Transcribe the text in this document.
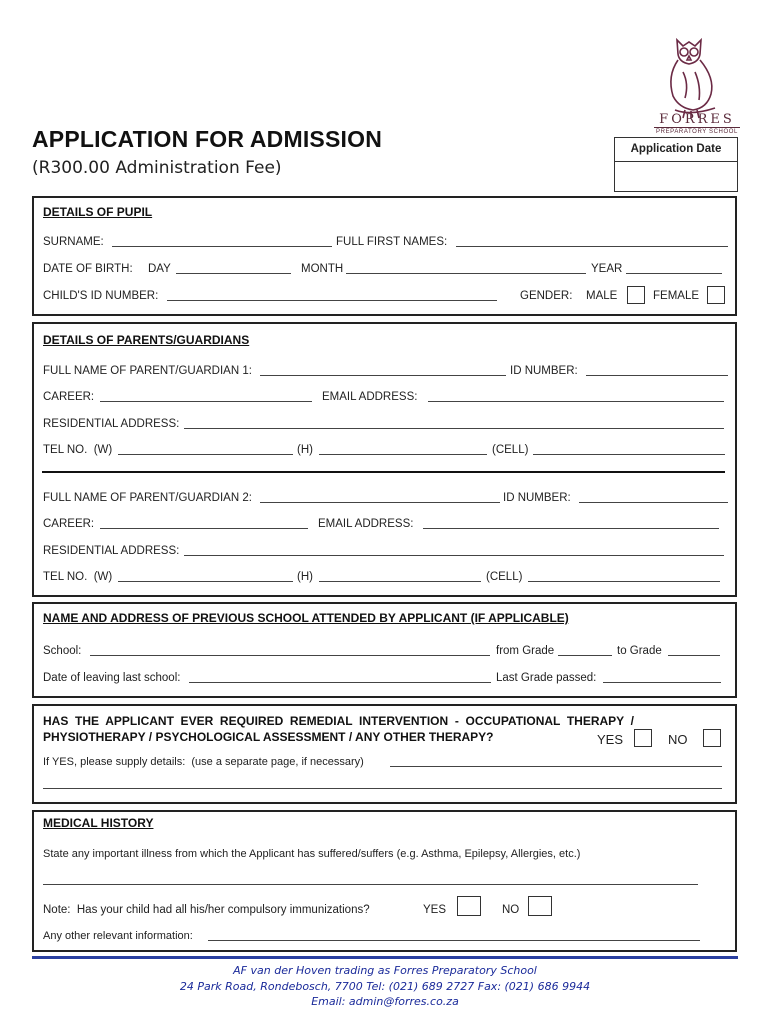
FORRES
PREPARATORY SCHOOL
APPLICATION FOR ADMISSION
(R300.00 Administration Fee)
Application Date
DETAILS OF PUPIL
SURNAME:	FULL FIRST NAMES:
DATE OF BIRTH: DAY	MONTH	YEAR
CHILD'S ID NUMBER:	GENDER: MALE	FEMALE
DETAILS OF PARENTS/GUARDIANS
FULL NAME OF PARENT/GUARDIAN 1:	ID NUMBER:
CAREER:	EMAIL ADDRESS:
RESIDENTIAL ADDRESS:
TEL NO.  (W)	(H)	(CELL)
FULL NAME OF PARENT/GUARDIAN 2:	ID NUMBER:
CAREER:	EMAIL ADDRESS:
RESIDENTIAL ADDRESS:
TEL NO.  (W)	(H)	(CELL)
NAME AND ADDRESS OF PREVIOUS SCHOOL ATTENDED BY APPLICANT (IF APPLICABLE)
School:	from Grade	to Grade
Date of leaving last school:	Last Grade passed:
HAS  THE  APPLICANT  EVER  REQUIRED  REMEDIAL  INTERVENTION  -  OCCUPATIONAL  THERAPY  /
PHYSIOTHERAPY / PSYCHOLOGICAL ASSESSMENT / ANY OTHER THERAPY?	YES	NO
If YES, please supply details:  (use a separate page, if necessary)
MEDICAL HISTORY
State any important illness from which the Applicant has suffered/suffers (e.g. Asthma, Epilepsy, Allergies, etc.)
Note:  Has your child had all his/her compulsory immunizations?	YES	NO
Any other relevant information:
AF van der Hoven trading as Forres Preparatory School
24 Park Road, Rondebosch, 7700 Tel: (021) 689 2727 Fax: (021) 686 9944
Email: admin@forres.co.za
